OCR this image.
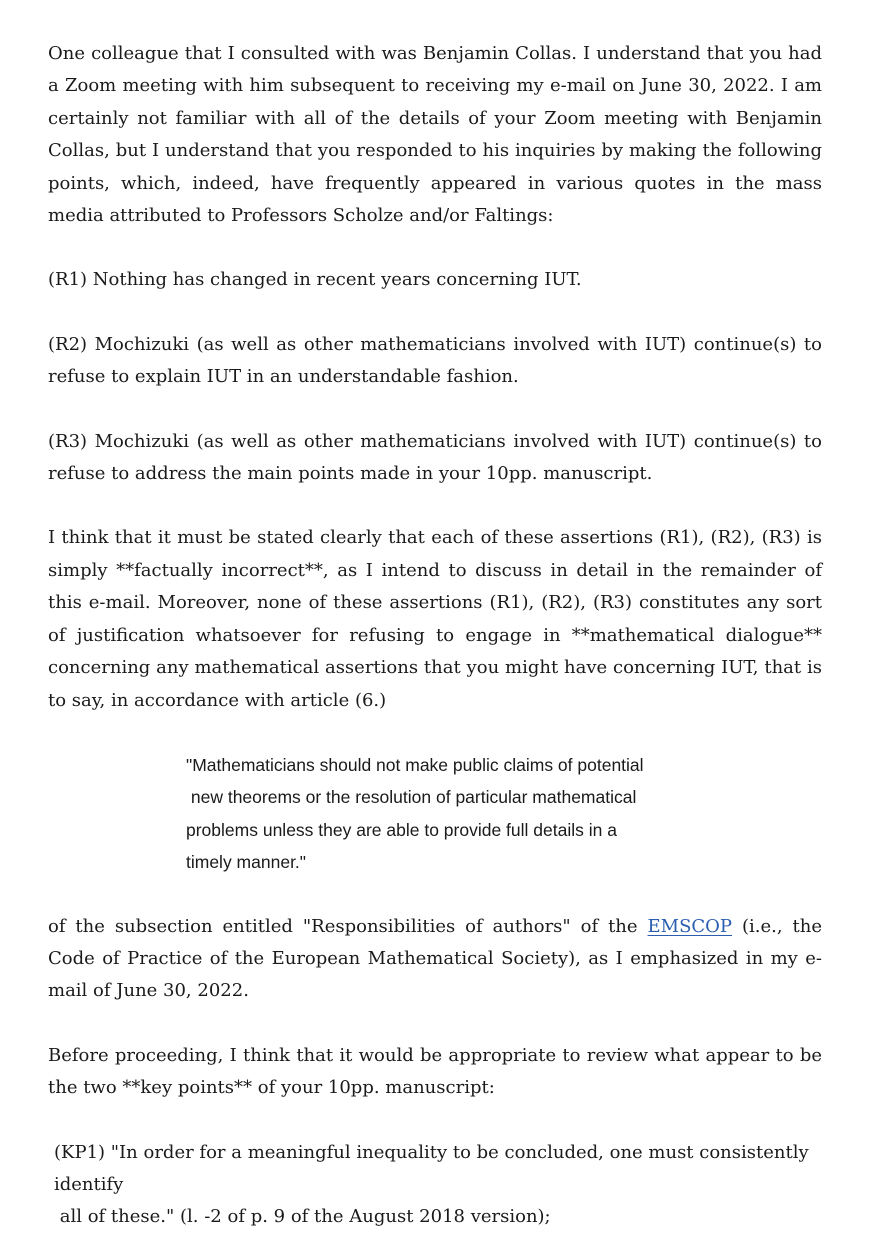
One colleague that I consulted with was Benjamin Collas. I understand that you had a Zoom meeting with him subsequent to receiving my e-mail on June 30, 2022. I am certainly not familiar with all of the details of your Zoom meeting with Benjamin Collas, but I understand that you responded to his inquiries by making the following points, which, indeed, have frequently appeared in various quotes in the mass media attributed to Professors Scholze and/or Faltings:

(R1) Nothing has changed in recent years concerning IUT.

(R2) Mochizuki (as well as other mathematicians involved with IUT) continue(s) to refuse to explain IUT in an understandable fashion.

(R3) Mochizuki (as well as other mathematicians involved with IUT) continue(s) to refuse to address the main points made in your 10pp. manuscript.

I think that it must be stated clearly that each of these assertions (R1), (R2), (R3) is simply **factually incorrect**, as I intend to discuss in detail in the remainder of this e-mail. Moreover, none of these assertions (R1), (R2), (R3) constitutes any sort of justification whatsoever for refusing to engage in **mathematical dialogue** concerning any mathematical assertions that you might have concerning IUT, that is to say, in accordance with article (6.)

"Mathematicians should not make public claims of potential
new theorems or the resolution of particular mathematical
problems unless they are able to provide full details in a
timely manner."

of the subsection entitled "Responsibilities of authors" of the EMSCOP (i.e., the Code of Practice of the European Mathematical Society), as I emphasized in my e-mail of June 30, 2022.

Before proceeding, I think that it would be appropriate to review what appear to be the two **key points** of your 10pp. manuscript:

(KP1) "In order for a meaningful inequality to be concluded, one must consistently identify
all of these." (l. -2 of p. 9 of the August 2018 version);
